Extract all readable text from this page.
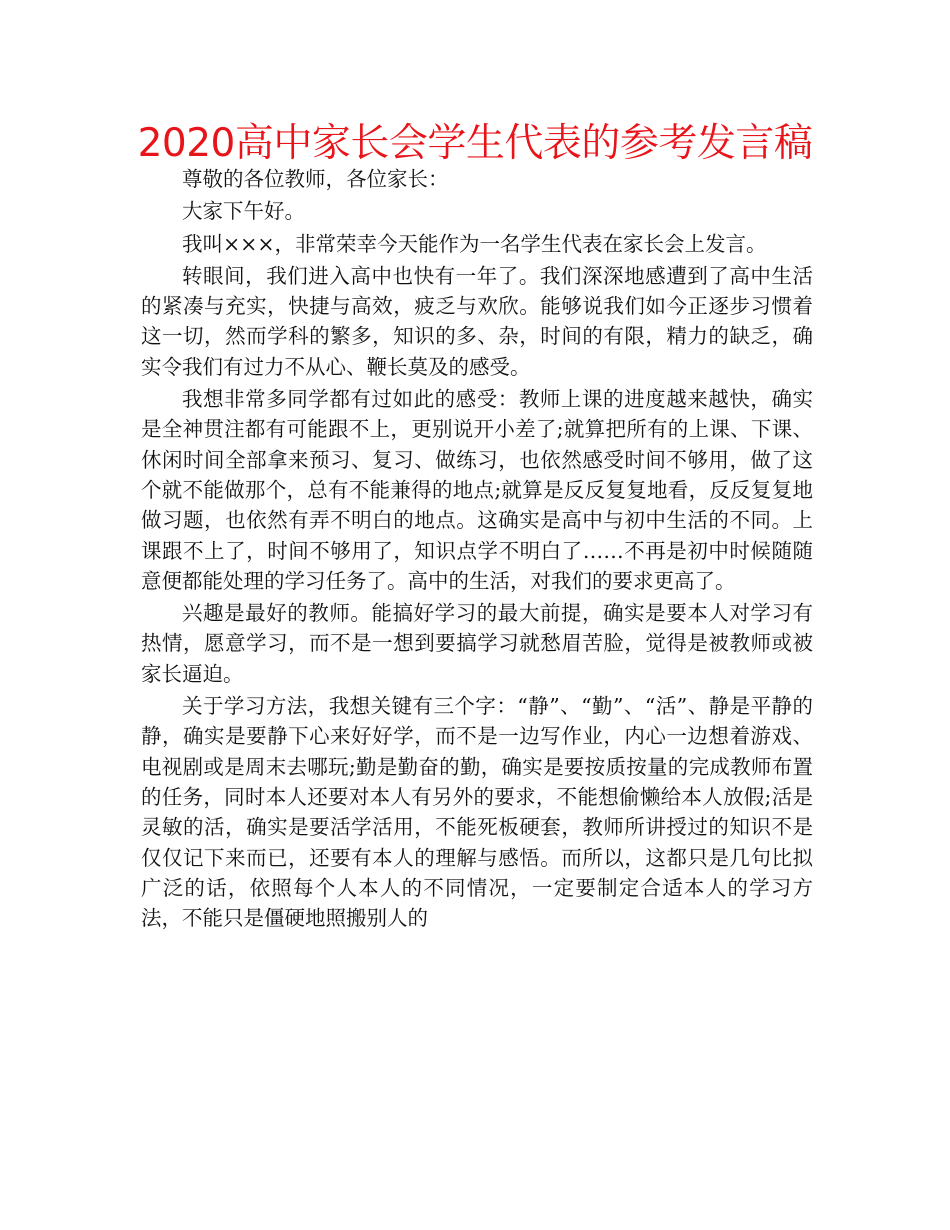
2020高中家长会学生代表的参考发言稿

尊敬的各位教师，各位家长：

大家下午好。

我叫×××，非常荣幸今天能作为一名学生代表在家长会上发言。

转眼间，我们进入高中也快有一年了。我们深深地感遭到了高中生活的紧凑与充实，快捷与高效，疲乏与欢欣。能够说我们如今正逐步习惯着这一切，然而学科的繁多，知识的多、杂，时间的有限，精力的缺乏，确实令我们有过力不从心、鞭长莫及的感受。

我想非常多同学都有过如此的感受：教师上课的进度越来越快，确实是全神贯注都有可能跟不上，更别说开小差了;就算把所有的上课、下课、休闲时间全部拿来预习、复习、做练习，也依然感受时间不够用，做了这个就不能做那个，总有不能兼得的地点;就算是反反复复地看，反反复复地做习题，也依然有弄不明白的地点。这确实是高中与初中生活的不同。上课跟不上了，时间不够用了，知识点学不明白了……不再是初中时候随随意便都能处理的学习任务了。高中的生活，对我们的要求更高了。

兴趣是最好的教师。能搞好学习的最大前提，确实是要本人对学习有热情，愿意学习，而不是一想到要搞学习就愁眉苦脸，觉得是被教师或被家长逼迫。

关于学习方法，我想关键有三个字：“静”、“勤”、“活”、静是平静的静，确实是要静下心来好好学，而不是一边写作业，内心一边想着游戏、电视剧或是周末去哪玩;勤是勤奋的勤，确实是要按质按量的完成教师布置的任务，同时本人还要对本人有另外的要求，不能想偷懒给本人放假;活是灵敏的活，确实是要活学活用，不能死板硬套，教师所讲授过的知识不是仅仅记下来而已，还要有本人的理解与感悟。而所以，这都只是几句比拟广泛的话，依照每个人本人的不同情况，一定要制定合适本人的学习方法，不能只是僵硬地照搬别人的
